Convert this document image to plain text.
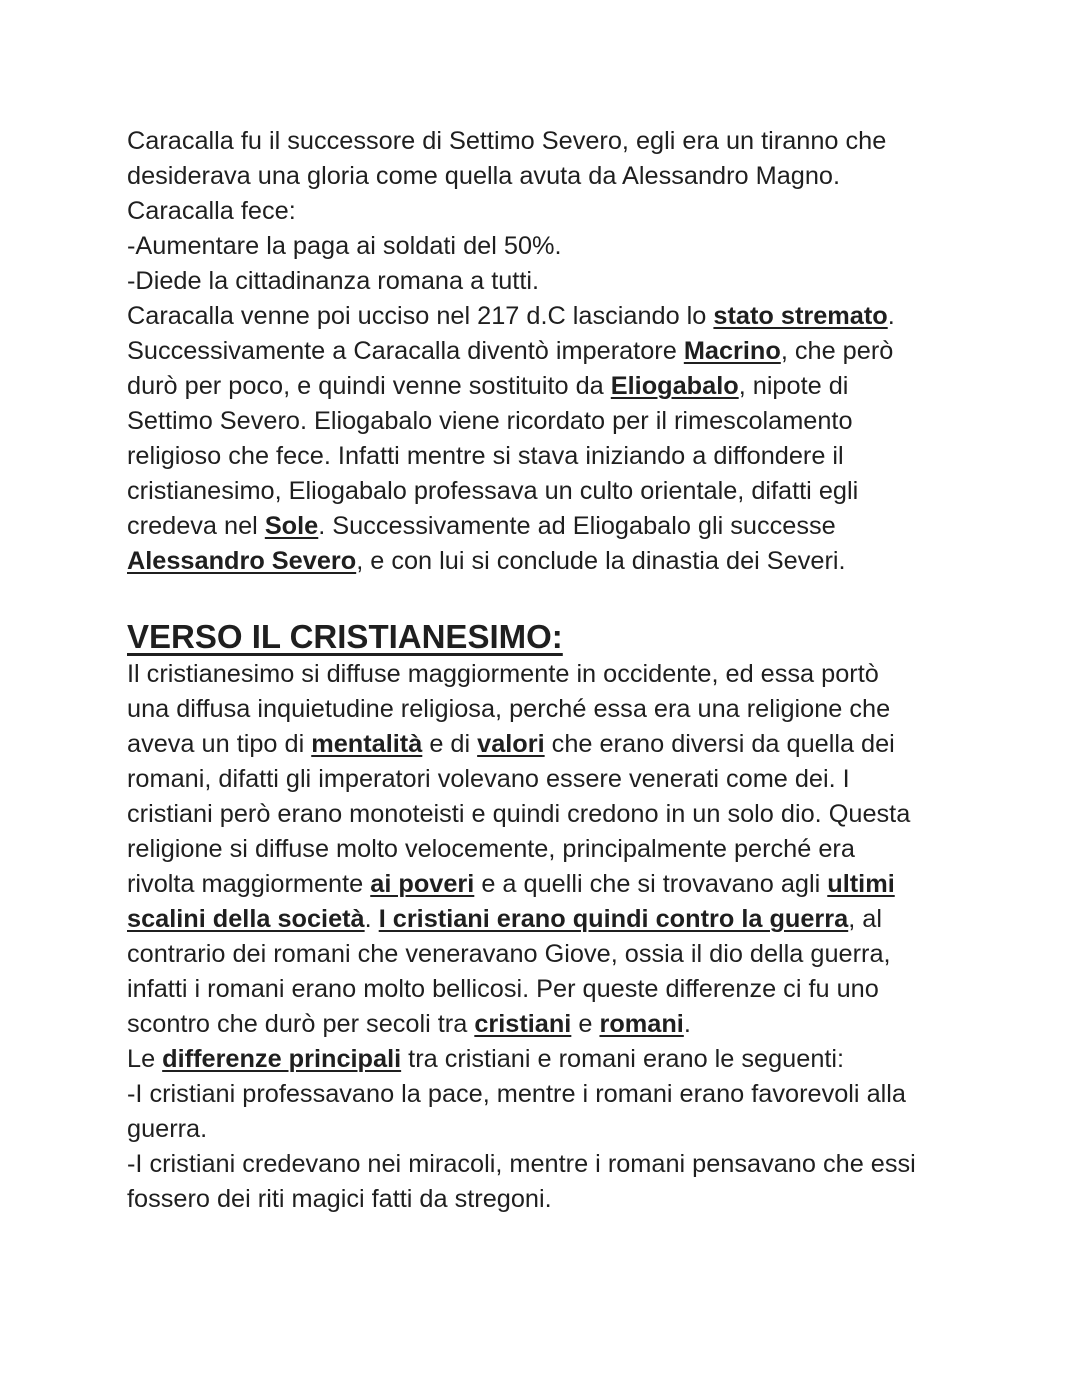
Caracalla fu il successore di Settimo Severo, egli era un tiranno che
desiderava una gloria come quella avuta da Alessandro Magno.
Caracalla fece:
-Aumentare la paga ai soldati del 50%.
-Diede la cittadinanza romana a tutti.
Caracalla venne poi ucciso nel 217 d.C lasciando lo stato stremato.
Successivamente a Caracalla diventò imperatore Macrino, che però
durò per poco, e quindi venne sostituito da Eliogabalo, nipote di
Settimo Severo. Eliogabalo viene ricordato per il rimescolamento
religioso che fece. Infatti mentre si stava iniziando a diffondere il
cristianesimo, Eliogabalo professava un culto orientale, difatti egli
credeva nel Sole. Successivamente ad Eliogabalo gli successe
Alessandro Severo, e con lui si conclude la dinastia dei Severi.

VERSO IL CRISTIANESIMO:

Il cristianesimo si diffuse maggiormente in occidente, ed essa portò
una diffusa inquietudine religiosa, perché essa era una religione che
aveva un tipo di mentalità e di valori che erano diversi da quella dei
romani, difatti gli imperatori volevano essere venerati come dei. I
cristiani però erano monoteisti e quindi credono in un solo dio. Questa
religione si diffuse molto velocemente, principalmente perché era
rivolta maggiormente ai poveri e a quelli che si trovavano agli ultimi
scalini della società. I cristiani erano quindi contro la guerra, al
contrario dei romani che veneravano Giove, ossia il dio della guerra,
infatti i romani erano molto bellicosi. Per queste differenze ci fu uno
scontro che durò per secoli tra cristiani e romani.
Le differenze principali tra cristiani e romani erano le seguenti:
-I cristiani professavano la pace, mentre i romani erano favorevoli alla
guerra.
-I cristiani credevano nei miracoli, mentre i romani pensavano che essi
fossero dei riti magici fatti da stregoni.
